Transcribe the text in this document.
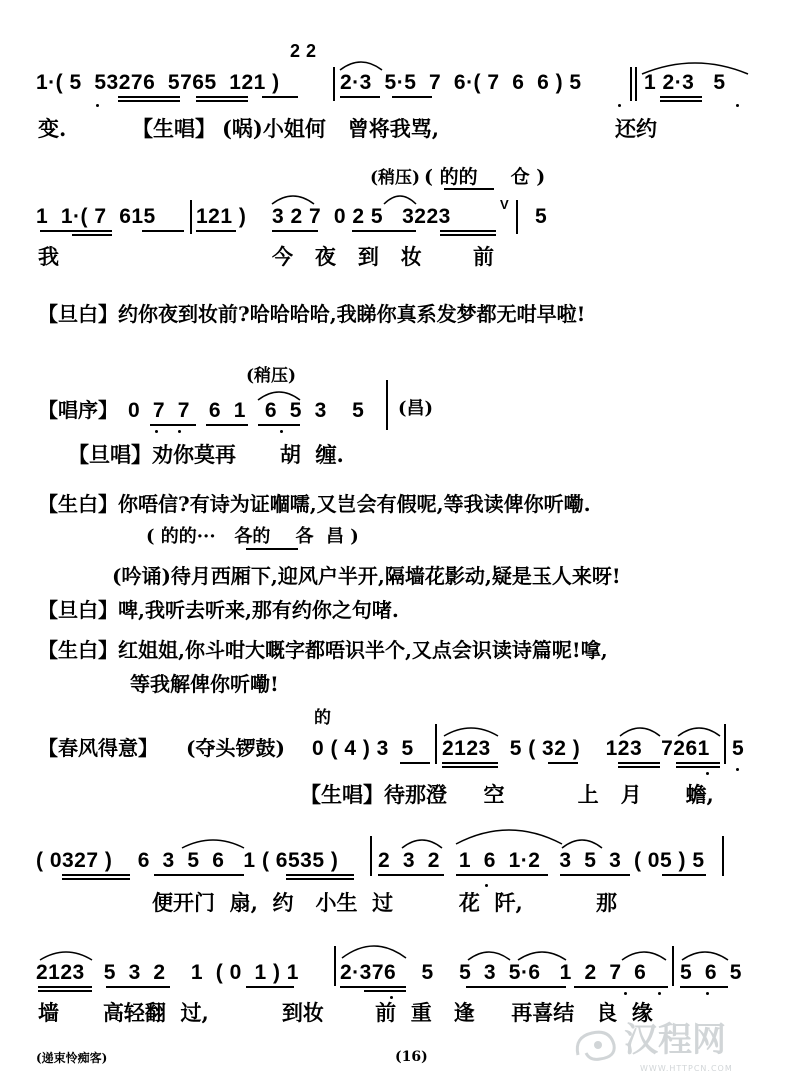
2 2
1·( 5  53276  5765  121 )	2·3  5·5  7  6·( 7  6  6 ) 5	1 2·3   5
变.	【生唱】 (㖞)小姐何   曾将我骂,	还约
(稍压) ( 的的     仓 )
1  1·( 7  615 121 ) 3 2 7  0 2 5   3223
V
5
我	今   夜   到   妆       前
【旦白】 约你夜到妆前?哈哈哈哈,我睇你真系发梦都无咁早啦!
(稍压)
【唱序】 0  7  7   6  1   6  5  3    5 (昌)
【旦唱】 劝你莫再      胡  缠.
【生白】 你唔信?有诗为证嗰嚅,又岂会有假呢,等我读俾你听嘞.
( 的的···   各的    各  昌 )
(吟诵)待月西厢下,迎风户半开,隔墙花影动,疑是玉人来呀!
【旦白】 啤,我听去听来,那有约你之句啫.
【生白】 红姐姐,你斗咁大嘅字都唔识半个,又点会识读诗篇呢!嗱,
等我解俾你听嘞!
的
【春风得意】 (夺头锣鼓) 0 ( 4 ) 3  5 2123   5 ( 32 )    123   7261 5
【生唱】 待那澄     空          上   月      蟾,
( 0327 )    6  3  5  6   1 ( 6535 ) 2  3  2   1  6  1·2   3  5  3  ( 05 ) 5
便开门  扇,  约   小生  过         花  阡,          那
2123   5  3  2    1  ( 0  1 ) 1 2·376    5    5  3  5·6   1  2  7  6 5  6  5
墙      高轻翻  过,          到妆       前  重   逢     再喜结   良  缘
(递束怜痴客)	(16)	汉程网
WWW.HTTPCN.COM
